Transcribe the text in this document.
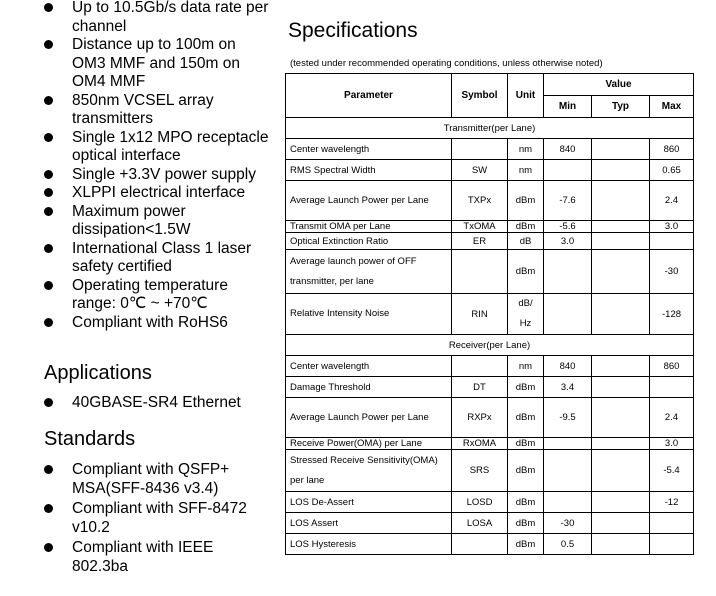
Up to 10.5Gb/s data rate per channel
Distance up to 100m on OM3 MMF and 150m on OM4 MMF
850nm VCSEL array transmitters
Single 1x12 MPO receptacle optical interface
Single +3.3V power supply
XLPPI electrical interface
Maximum power dissipation<1.5W
International Class 1 laser safety certified
Operating temperature range: 0℃ ~ +70℃
Compliant with RoHS6
Applications
40GBASE-SR4 Ethernet
Standards
Compliant with QSFP+ MSA(SFF-8436 v3.4)
Compliant with SFF-8472 v10.2
Compliant with IEEE 802.3ba
Specifications
(tested under recommended operating conditions, unless otherwise noted)
Parameter	Symbol	Unit	Value		
			Min	Typ	Max
Transmitter(per Lane)					
Center wavelength		nm	840		860
RMS Spectral Width	SW	nm			0.65
Average Launch Power per Lane	TXPx	dBm	-7.6		2.4
Transmit OMA per Lane	TxOMA	dBm	-5.6		3.0
Optical Extinction Ratio	ER	dB	3.0		
Average launch power of OFF transmitter, per lane		dBm			-30
Relative Intensity Noise	RIN	dB/ Hz			-128
Receiver(per Lane)					
Center wavelength		nm	840		860
Damage Threshold	DT	dBm	3.4		
Average Launch Power per Lane	RXPx	dBm	-9.5		2.4
Receive Power(OMA) per Lane	RxOMA	dBm			3.0
Stressed Receive Sensitivity(OMA) per lane	SRS	dBm			-5.4
LOS De-Assert	LOSD	dBm			-12
LOS Assert	LOSA	dBm	-30		
LOS Hysteresis		dBm	0.5		
